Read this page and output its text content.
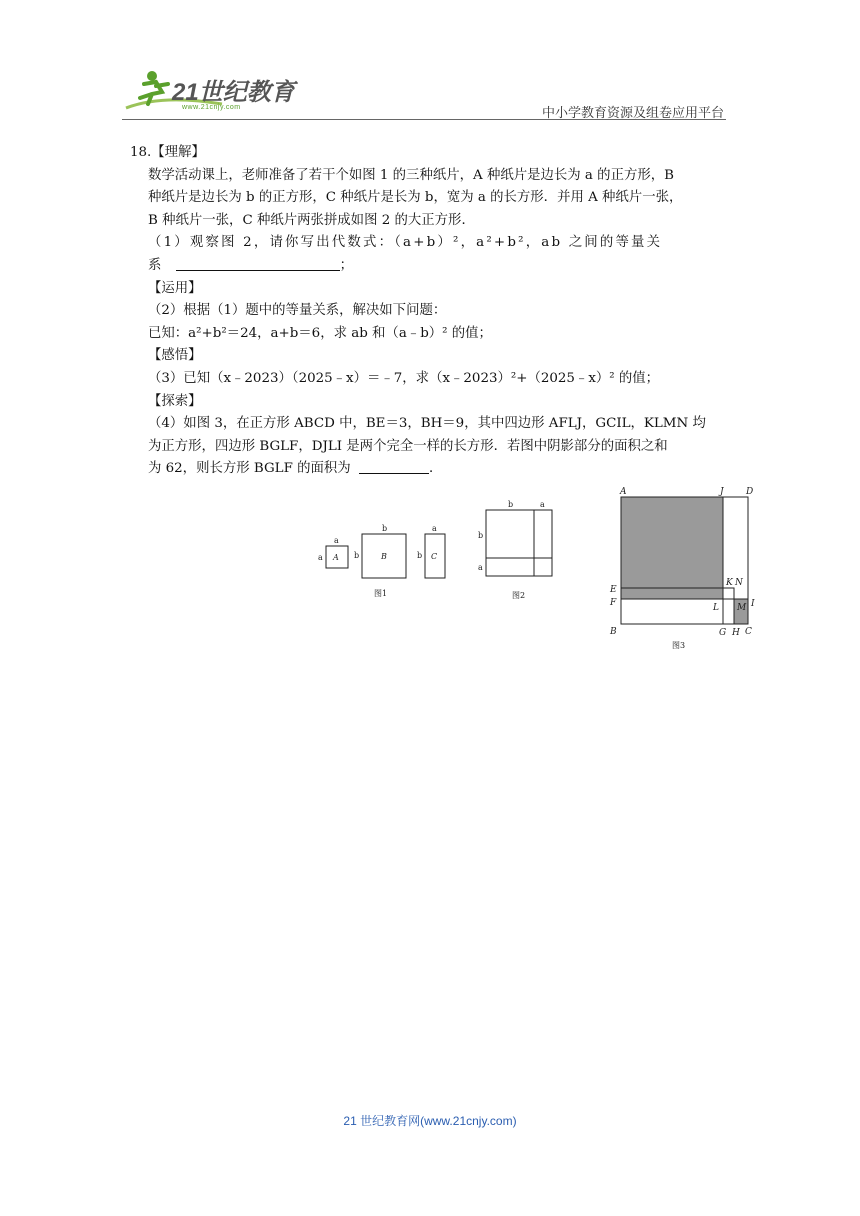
21世纪教育
www.21cnjy.com	中小学教育资源及组卷应用平台
18.【理解】
数学活动课上，老师准备了若干个如图 1 的三种纸片，A 种纸片是边长为 a 的正方形，B
种纸片是边长为 b 的正方形，C 种纸片是长为 b，宽为 a 的长方形．并用 A 种纸片一张，
B 种纸片一张，C 种纸片两张拼成如图 2 的大正方形．
（1）观察图 2，请你写出代数式：（a+b）²，a²+b²，ab 之间的等量关
系	；
【运用】
（2）根据（1）题中的等量关系，解决如下问题：
已知：a²+b²＝24，a+b＝6，求 ab 和（a﹣b）² 的值；
【感悟】
（3）已知（x﹣2023）（2025﹣x）＝﹣7，求（x﹣2023）²+（2025﹣x）² 的值；
【探索】
（4）如图 3，在正方形 ABCD 中，BE＝3，BH＝9，其中四边形 AFLJ，GCIL，KLMN 均
为正方形，四边形 BGLF，DJLI 是两个完全一样的长方形．若图中阴影部分的面积之和
为 62，则长方形 BGLF 的面积为	．
a
a A
b
b	B
a
b C
图1
b	a
b
a
图2
A	J D
E
F
K N
L M I
B	G H C
图3
21 世纪教育网(www.21cnjy.com)
